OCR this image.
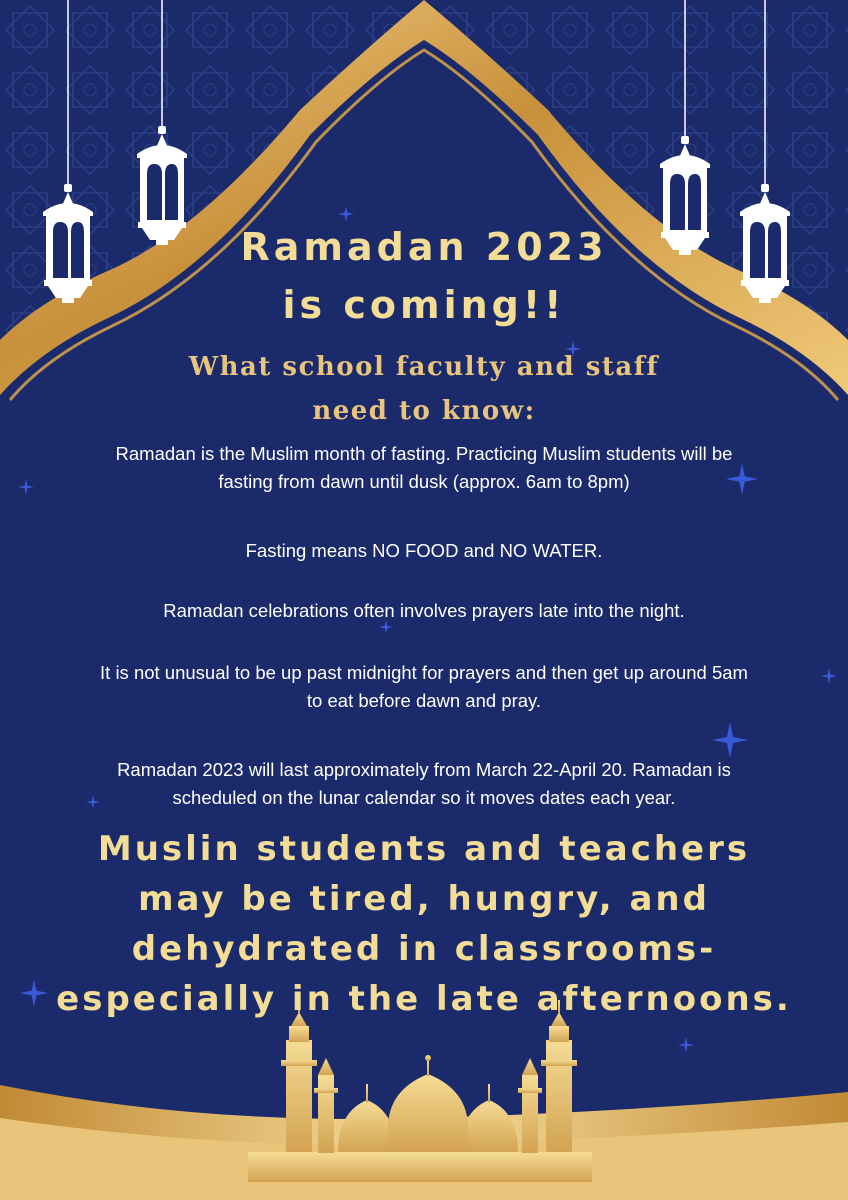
Ramadan 2023
is coming!!
What school faculty and staff
need to know:
Ramadan is the Muslim month of fasting. Practicing Muslim students will be
fasting from dawn until dusk (approx. 6am to 8pm)
Fasting means NO FOOD and NO WATER.
Ramadan celebrations often involves prayers late into the night.
It is not unusual to be up past midnight for prayers and then get up around 5am
to eat before dawn and pray.
Ramadan 2023 will last approximately from March 22-April 20. Ramadan is
scheduled on the lunar calendar so it moves dates each year.
Muslin students and teachers
may be tired, hungry, and
dehydrated in classrooms-
especially in the late afternoons.
